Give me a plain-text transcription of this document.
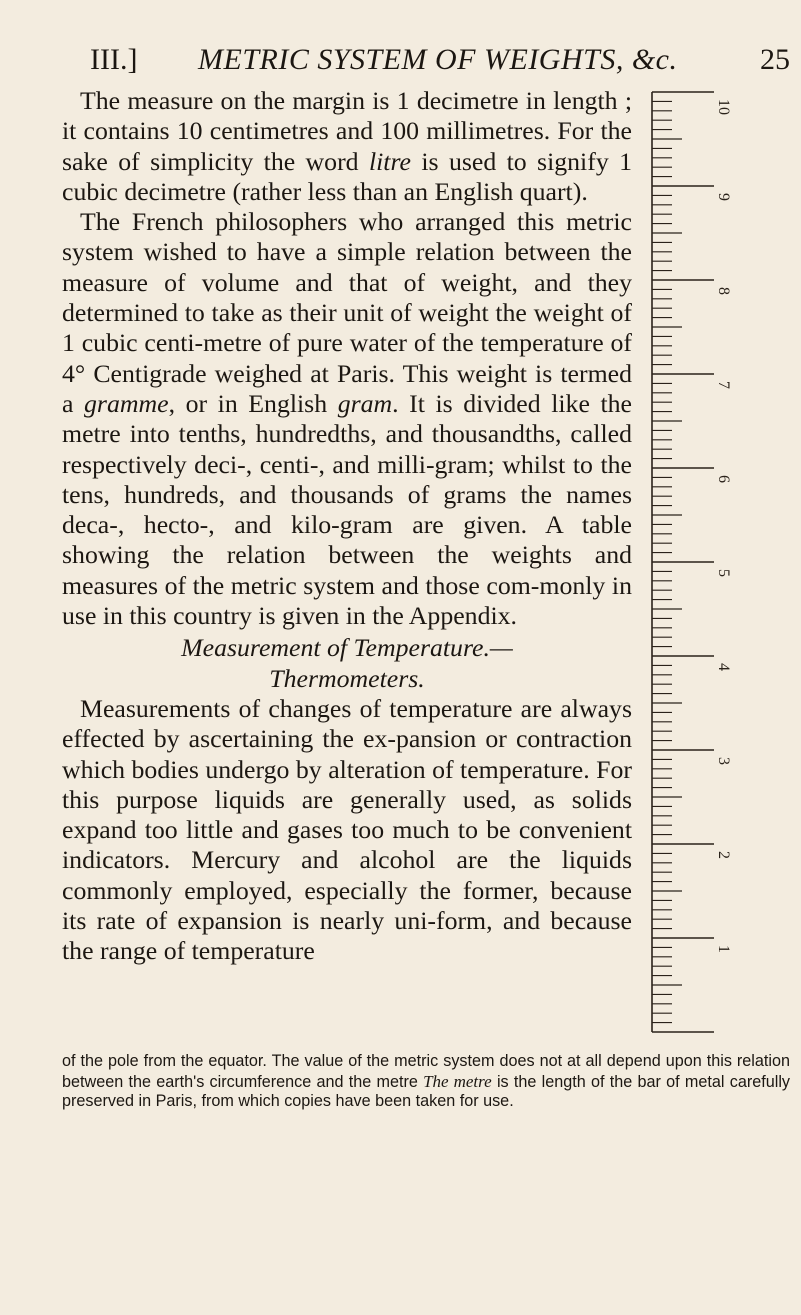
III.] METRIC SYSTEM OF WEIGHTS, &c.	25

The measure on the margin is 1 decimetre in length ; it contains 10 centimetres and 100 millimetres. For the sake of simplicity the word litre is used to signify 1 cubic decimetre (rather less than an English quart).

The French philosophers who arranged this metric system wished to have a simple relation between the measure of volume and that of weight, and they determined to take as their unit of weight the weight of 1 cubic centi-metre of pure water of the temperature of 4° Centigrade weighed at Paris. This weight is termed a gramme, or in English gram. It is divided like the metre into tenths, hundredths, and thousandths, called respectively deci-, centi-, and milli-gram; whilst to the tens, hundreds, and thousands of grams the names deca-, hecto-, and kilo-gram are given. A table showing the relation between the weights and measures of the metric system and those com-monly in use in this country is given in the Appendix.

Measurement of Temperature.—
Thermometers.

Measurements of changes of temperature are always effected by ascertaining the ex-pansion or contraction which bodies undergo by alteration of temperature. For this purpose liquids are generally used, as solids expand too little and gases too much to be convenient indicators. Mercury and alcohol are the liquids commonly employed, especially the former, because its rate of expansion is nearly uni-form, and because the range of temperature

10
9
8
7
6
5
4
3
2
1

of the pole from the equator. The value of the metric system does not at all depend upon this relation between the earth's circumference and the metre The metre is the length of the bar of metal carefully preserved in Paris, from which copies have been taken for use.
